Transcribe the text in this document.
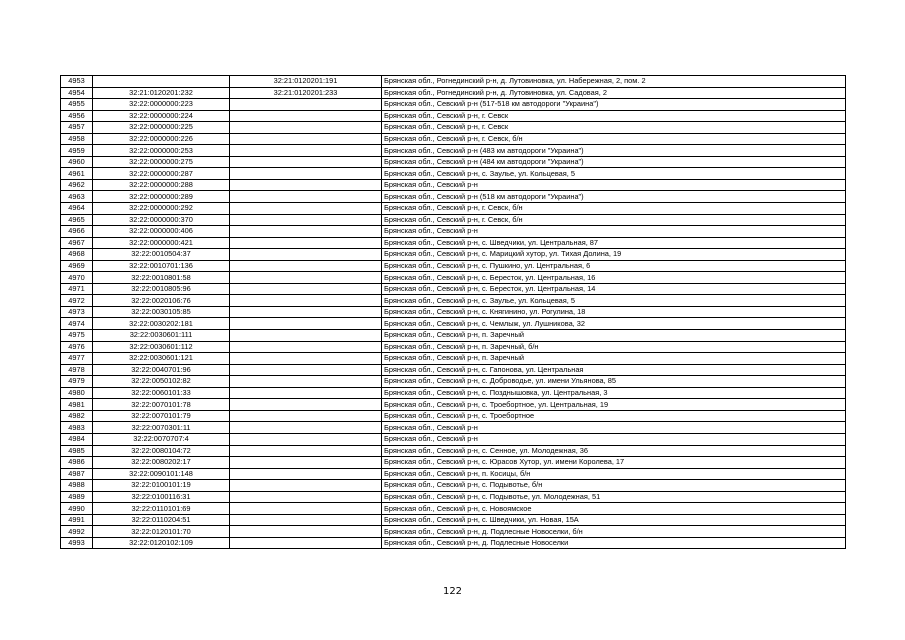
4953		32:21:0120201:191	Брянская обл., Рогнединский р-н, д. Лутовиновка, ул. Набережная, 2, пом. 2
4954	32:21:0120201:232	32:21:0120201:233	Брянская обл., Рогнединский р-н, д. Лутовиновка, ул. Садовая, 2
4955	32:22:0000000:223		Брянская обл., Севский р-н (517-518 км автодороги "Украина")
4956	32:22:0000000:224		Брянская обл., Севский р-н, г. Севск
4957	32:22:0000000:225		Брянская обл., Севский р-н, г. Севск
4958	32:22:0000000:226		Брянская обл., Севский р-н, г. Севск, б/н
4959	32:22:0000000:253		Брянская обл., Севский р-н (483 км автодороги "Украина")
4960	32:22:0000000:275		Брянская обл., Севский р-н (484 км автодороги "Украина")
4961	32:22:0000000:287		Брянская обл., Севский р-н, с. Заулье, ул. Кольцевая, 5
4962	32:22:0000000:288		Брянская обл., Севский р-н
4963	32:22:0000000:289		Брянская обл., Севский р-н (518 км автодороги "Украина")
4964	32:22:0000000:292		Брянская обл., Севский р-н, г. Севск, б/н
4965	32:22:0000000:370		Брянская обл., Севский р-н, г. Севск, б/н
4966	32:22:0000000:406		Брянская обл., Севский р-н
4967	32:22:0000000:421		Брянская обл., Севский р-н, с. Шведчики, ул. Центральная, 87
4968	32:22:0010504:37		Брянская обл., Севский р-н, с. Марицкий хутор, ул. Тихая Долина, 19
4969	32:22:0010701:136		Брянская обл., Севский р-н, с. Пушкино, ул. Центральная, 6
4970	32:22:0010801:58		Брянская обл., Севский р-н, с. Бересток, ул. Центральная, 16
4971	32:22:0010805:96		Брянская обл., Севский р-н, с. Бересток, ул. Центральная, 14
4972	32:22:0020106:76		Брянская обл., Севский р-н, с. Заулье, ул. Кольцевая, 5
4973	32:22:0030105:85		Брянская обл., Севский р-н, с. Княгинино, ул. Рогулина, 18
4974	32:22:0030202:181		Брянская обл., Севский р-н, с. Чемлыж, ул. Лушникова, 32
4975	32:22:0030601:111		Брянская обл., Севский р-н, п. Заречный
4976	32:22:0030601:112		Брянская обл., Севский р-н, п. Заречный, б/н
4977	32:22:0030601:121		Брянская обл., Севский р-н, п. Заречный
4978	32:22:0040701:96		Брянская обл., Севский р-н, с. Гапонова, ул. Центральная
4979	32:22:0050102:82		Брянская обл., Севский р-н, с. Доброводье, ул. имени Ульянова, 85
4980	32:22:0060101:33		Брянская обл., Севский р-н, с. Позднышовка, ул. Центральная, 3
4981	32:22:0070101:78		Брянская обл., Севский р-н, с. Троебортное, ул. Центральная, 19
4982	32:22:0070101:79		Брянская обл., Севский р-н, с. Троебортное
4983	32:22:0070301:11		Брянская обл., Севский р-н
4984	32:22:0070707:4		Брянская обл., Севский р-н
4985	32:22:0080104:72		Брянская обл., Севский р-н, с. Сенное, ул. Молодежная, 36
4986	32:22:0080202:17		Брянская обл., Севский р-н, с. Юрасов Хутор, ул. имени Королева, 17
4987	32:22:0090101:148		Брянская обл., Севский р-н, п. Косицы, б/н
4988	32:22:0100101:19		Брянская обл., Севский р-н, с. Подывотье, б/н
4989	32:22:0100116:31		Брянская обл., Севский р-н, с. Подывотье, ул. Молодежная, 51
4990	32:22:0110101:69		Брянская обл., Севский р-н, с. Новоямское
4991	32:22:0110204:51		Брянская обл., Севский р-н, с. Шведчики, ул. Новая, 15А
4992	32:22:0120101:70		Брянская обл., Севский р-н, д. Подлесные Новоселки, б/н
4993	32:22:0120102:109		Брянская обл., Севский р-н, д. Подлесные Новоселки
122
